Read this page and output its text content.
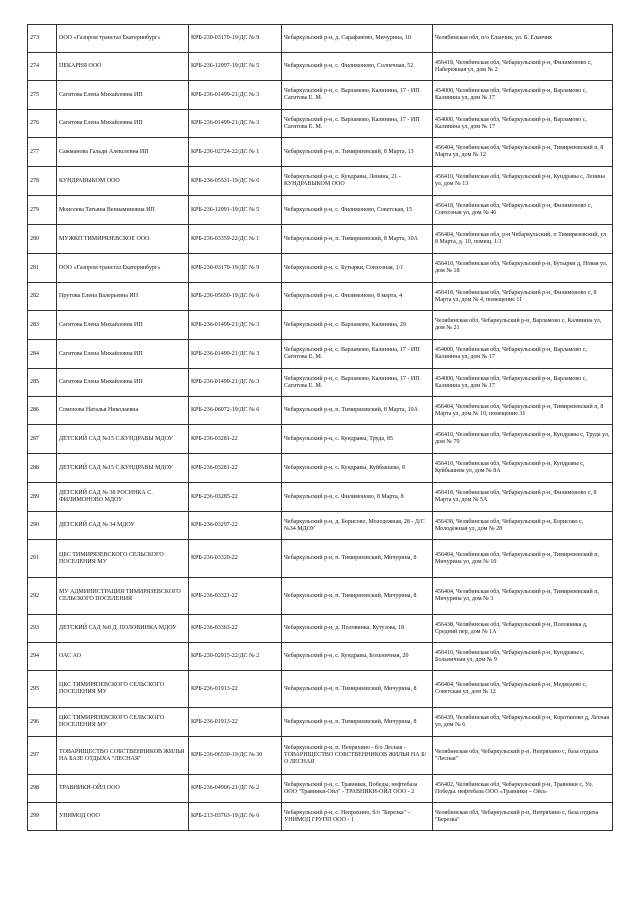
273	ООО «Газпром трансгаз Екатеринбург»	КРБ-230-03170-19/ДС № 9	Чебаркульский р-н, д. Сарафаново, Мичурина, 10	Челябинская обл, п/о Еланчик, ул. Б. Еланчик
274	ПЕКАРНЯ ООО	КРБ-236-12097-19/ДС № 5	Чебаркульский р-н, с. Филимоново, Солнечная, 52	456418, Челябинская обл, Чебаркульский р-н, Филимоново с, Набережная ул, дом № 2
275	Сагитова Елена Михайловна ИП	КРБ-236-01499-21/ДС № 3	Чебаркульский р-н, с. Варламово, Калинина, 17 - ИП Сагитова Е. М.	454000, Челябинская обл, Чебаркульский р-н, Варламово с, Калинина ул, дом № 17
276	Сагитова Елена Михайловна ИП	КРБ-236-01499-21/ДС № 3	Чебаркульский р-н, с. Варламово, Калинина, 17 - ИП Сагитова Е. М.	454000, Челябинская обл, Чебаркульский р-н, Варламово с, Калинина ул, дом № 17
277	Сажманова Гальди Алексеевна ИП	КРБ-236-02724-22/ДС № 1	Чебаркульский р-н, п. Тимирязевский, 8 Марта, 13	456404, Челябинская обл, Чебаркульский р-н, Тимирязевский п, 8 Марта ул, дом № 12
278	КУНДРАВЫКОМ ООО	КРБ-236-05531-19/ДС № 6	Чебаркульский р-н, с. Кундравы, Ленина, 21 - КУНДРАВЫКОМ ООО	456410, Челябинская обл, Чебаркульский р-н, Кундравы с, Ленина ул, дом № 13
279	Моисеева Татьяна Вениаминовна ИП	КРБ-236-12091-19/ДС № 5	Чебаркульский р-н, с. Филимоново, Советская, 15	456418, Челябинская обл, Чебаркульский р-н, Филимоново с, Совхозная ул, дом № 46
280	МУЖКП ТИМИРЯЗЕВСКОЕ ООО	КРБ-236-03359-22/ДС № 1	Чебаркульский р-н, п. Тимирязевский, 8 Марта, 10А	456404, Челябинская обл, р-н Чебаркульский, п Тимирязевский, ул 8 Марта, д. 10, помещ. 1/1
281	ООО «Газпром трансгаз Екатеринбург»	КРБ-230-03170-19/ДС № 9	Чебаркульский р-н, с. Бутырки, Совхозная, 1/1	456410, Челябинская обл, Чебаркульский р-н, Бутырки д, Новая ул, дом № 18
282	Прутова Елена Валерьевна ИП	КРБ-236-05650-19/ДС № 6	Чебаркульский р-н, с. Филимоново, 8 марта, 4	456418, Челябинская обл, Чебаркульский р-н, Филимоново с, 8 Марта ул, дом № 4, помещение 11
283	Сагитова Елена Михайловна ИП	КРБ-236-01499-21/ДС № 3	Чебаркульский р-н, с. Варламово, Калинина, 29	Челябинская обл, Чебаркульский р-н, Варламово с, Калинина ул, дом № 21
284	Сагитова Елена Михайловна ИП	КРБ-236-01499-21/ДС № 3	Чебаркульский р-н, с. Варламово, Калинина, 17 - ИП Сагитова Е. М.	454000, Челябинская обл, Чебаркульский р-н, Варламово с, Калинина ул, дом № 17
285	Сагитова Елена Михайловна ИП	КРБ-236-01499-21/ДС № 3	Чебаркульский р-н, с. Варламово, Калинина, 17 - ИП Сагитова Е. М.	454000, Челябинская обл, Чебаркульский р-н, Варламово с, Калинина ул, дом № 17
286	Сомонова Наталья Николаевна	КРБ-236-06072-19/ДС № 6	Чебаркульский р-н, п. Тимирязевский, 8 Марта, 10А	456404, Челябинская обл, Чебаркульский р-н, Тимирязевский п, 8 Марта ул, дом № 10, помещение 31
287	ДЕТСКИЙ САД №15 С.КУНДРАВЫ МДОУ	КРБ-236-03281-22	Чебаркульский р-н, с. Кундравы, Труда, 85	456410, Челябинская обл, Чебаркульский р-н, Кундравы с, Труда ул, дом № 79
288	ДЕТСКИЙ САД №15 С.КУНДРАВЫ МДОУ	КРБ-236-03281-22	Чебаркульский р-н, с. Кундравы, Куйбышева, 8	456410, Челябинская обл, Чебаркульский р-н, Кундравы с, Куйбышева ул, дом № 8А
289	ДЕТСКИЙ САД № 38 РОСИНКА С. ФИЛИМОНОВО МДОУ	КРБ-236-03285-22	Чебаркульский р-н, с. Филимоново, 8 Марта, 8	456418, Челябинская обл, Чебаркульский р-н, Филимоново с, 8 Марта ул, дом № 5А
290	ДЕТСКИЙ САД № 34 МДОУ	КРБ-236-03297-22	Чебаркульский р-н, д. Борисово, Молодежная, 28 - Д/С №34 МДОУ	456438, Челябинская обл, Чебаркульский р-н, Борисово с, Молодежная ул, дом № 28
291	ЦБС ТИМИРЯЗЕВСКОГО СЕЛЬСКОГО ПОСЕЛЕНИЯ МУ	КРБ-236-03320-22	Чебаркульский р-н, п. Тимирязевский, Мичурина, 8	456404, Челябинская обл, Чебаркульский р-н, Тимирязевский п, Мичурина ул, дом № 10
292	МУ АДМИНИСТРАЦИЯ ТИМИРЯЗЕВСКОГО СЕЛЬСКОГО ПОСЕЛЕНИЯ	КРБ-236-03321-22	Чебаркульский р-н, п. Тимирязевский, Мичурина, 8	456404, Челябинская обл, Чебаркульский р-н, Тимирязевский п, Мичурина ул, дом № 3
293	ДЕТСКИЙ САД №8 Д. ПОЛОВИНКА МДОУ	КРБ-236-03363-22	Чебаркульский р-н, д. Половинка, Кутузова, 18	456438, Челябинская обл, Чебаркульский р-н, Половинка д, Средний пер, дом № 1А
294	ОАС АО	КРБ-230-02915-22/ДС № 2	Чебаркульский р-н, с. Кундравы, Больничная, 20	456410, Челябинская обл, Чебаркульский р-н, Кундравы с, Больничная ул, дом № 9
295	ЦКС ТИМИРЯЗЕВСКОГО СЕЛЬСКОГО ПОСЕЛЕНИЯ МУ	КРБ-236-01913-22	Чебаркульский р-н, п. Тимирязевский, Мичурина, 8	456404, Челябинская обл, Чебаркульский р-н, Медведево с, Советская ул, дом № 12
296	ЦКС ТИМИРЯЗЕВСКОГО СЕЛЬСКОГО ПОСЕЛЕНИЯ МУ	КРБ-236-01913-22	Чебаркульский р-н, п. Тимирязевский, Мичурина, 8	456439, Челябинская обл, Чебаркульский р-н, Коротаново д, Лесная ул, дом № 6
297	ТОВАРИЩЕСТВО СОБСТВЕННИКОВ ЖИЛЬЯ НА БАЗЕ ОТДЫХА "ЛЕСНАЯ"	КРБ-236-06530-19/ДС № 30	Чебаркульский р-н, п. Непряхино - б/о Лесная - ТОВАРИЩЕСТВО СОБСТВЕННИКОВ ЖИЛЬЯ НА Б/О ЛЕСНАЯ	Челябинская обл, Чебаркульский р-н, Непряхино с, база отдыха "Лесная"
298	ТРАВНИКИ-ОЙЛ ООО	КРБ-236-04906-21/ДС № 2	Чебаркульский р-н, с. Травники, Победы, нефтебаза ООО "Травники-Ойл" - ТРАВНИКИ-ОЙЛ ООО - 2	456402, Челябинская обл, Чебаркульский р-н, Травники с, Ул. Победы. нефтебаза ООО «Травники – Ойл»
299	УНИМОД ООО	КРБ-213-03763-19/ДС № 6	Чебаркульский р-н, с. Непряхино, б/о "Березка" - УНИМОД ГРУПП ООО - 1	Челябинская обл, Чебаркульский р-н, Непряхино с, база отдыха "Березка"
